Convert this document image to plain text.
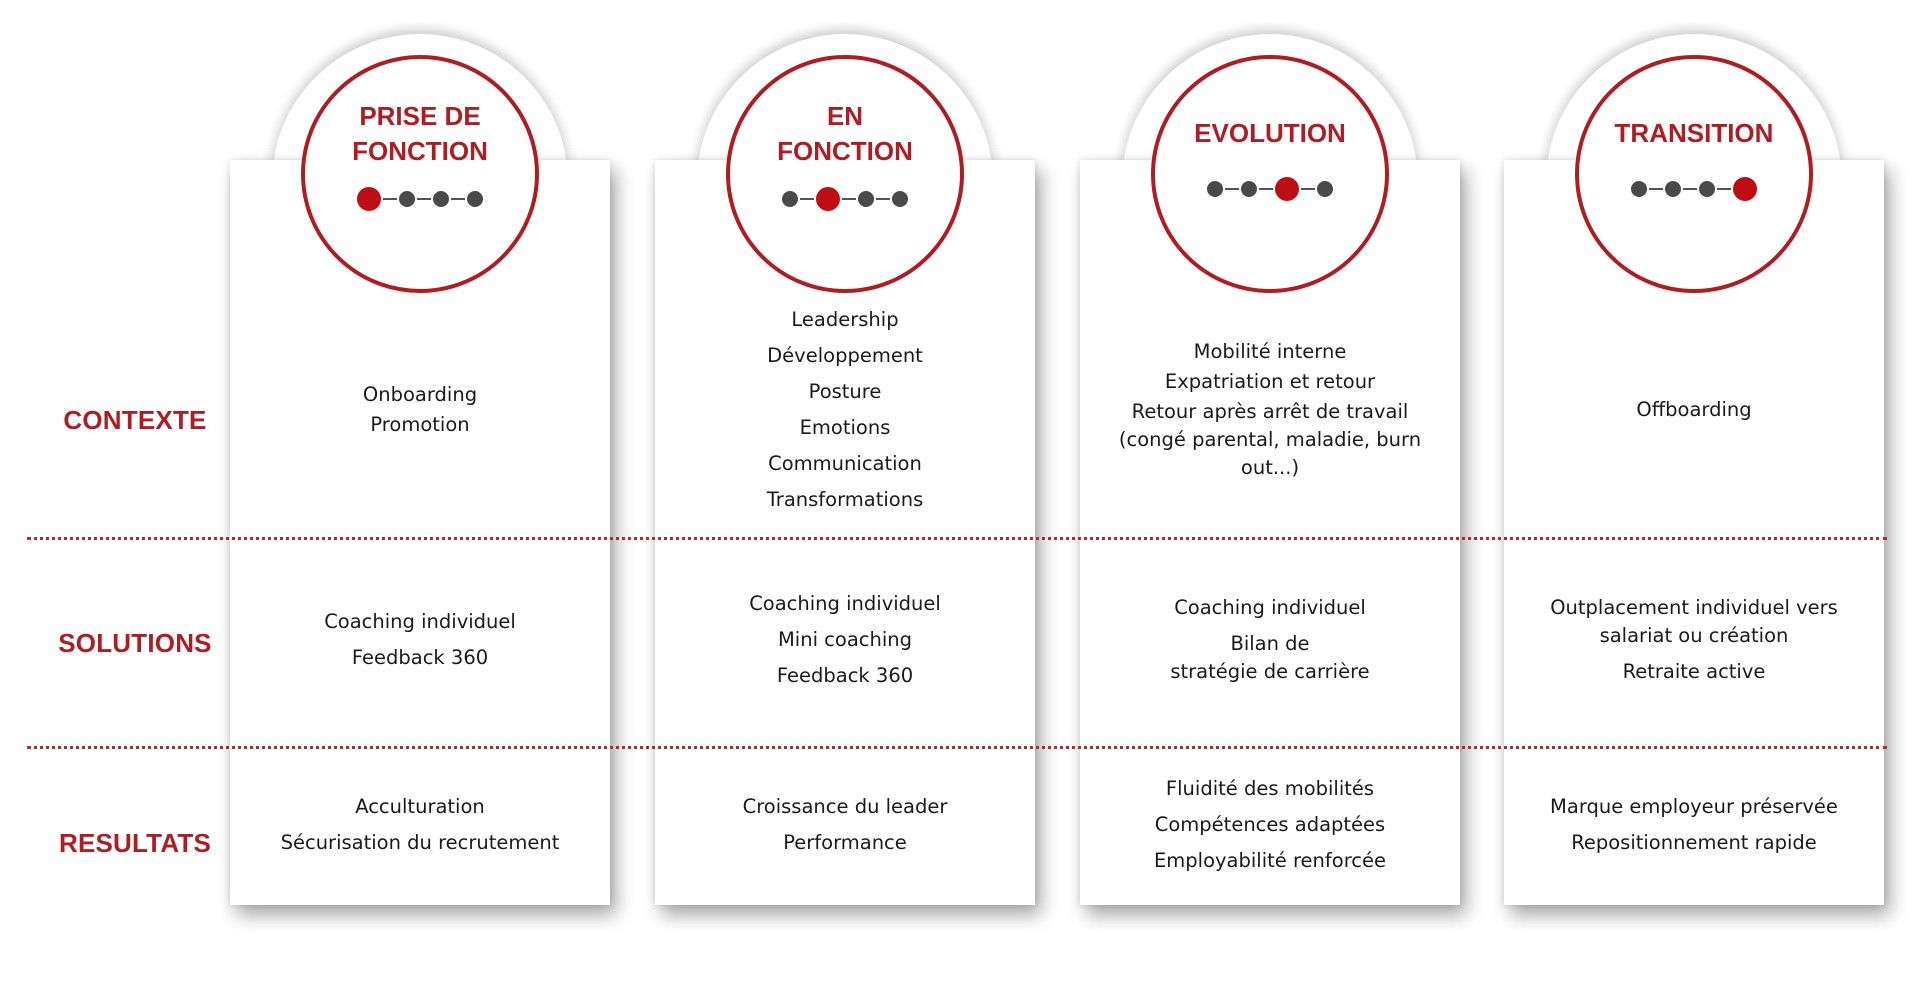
CONTEXTE
SOLUTIONS
RESULTATS
PRISE DE
FONCTION
Onboarding
Promotion
Coaching individuel
Feedback 360
Acculturation
Sécurisation du recrutement
EN
FONCTION
Leadership
Développement
Posture
Emotions
Communication
Transformations
Coaching individuel
Mini coaching
Feedback 360
Croissance du leader
Performance
EVOLUTION
Mobilité interne
Expatriation et retour
Retour après arrêt de travail
(congé parental, maladie, burn
out...)
Coaching individuel
Bilan de
stratégie de carrière
Fluidité des mobilités
Compétences adaptées
Employabilité renforcée
TRANSITION
Offboarding
Outplacement individuel vers
salariat ou création
Retraite active
Marque employeur préservée
Repositionnement rapide
